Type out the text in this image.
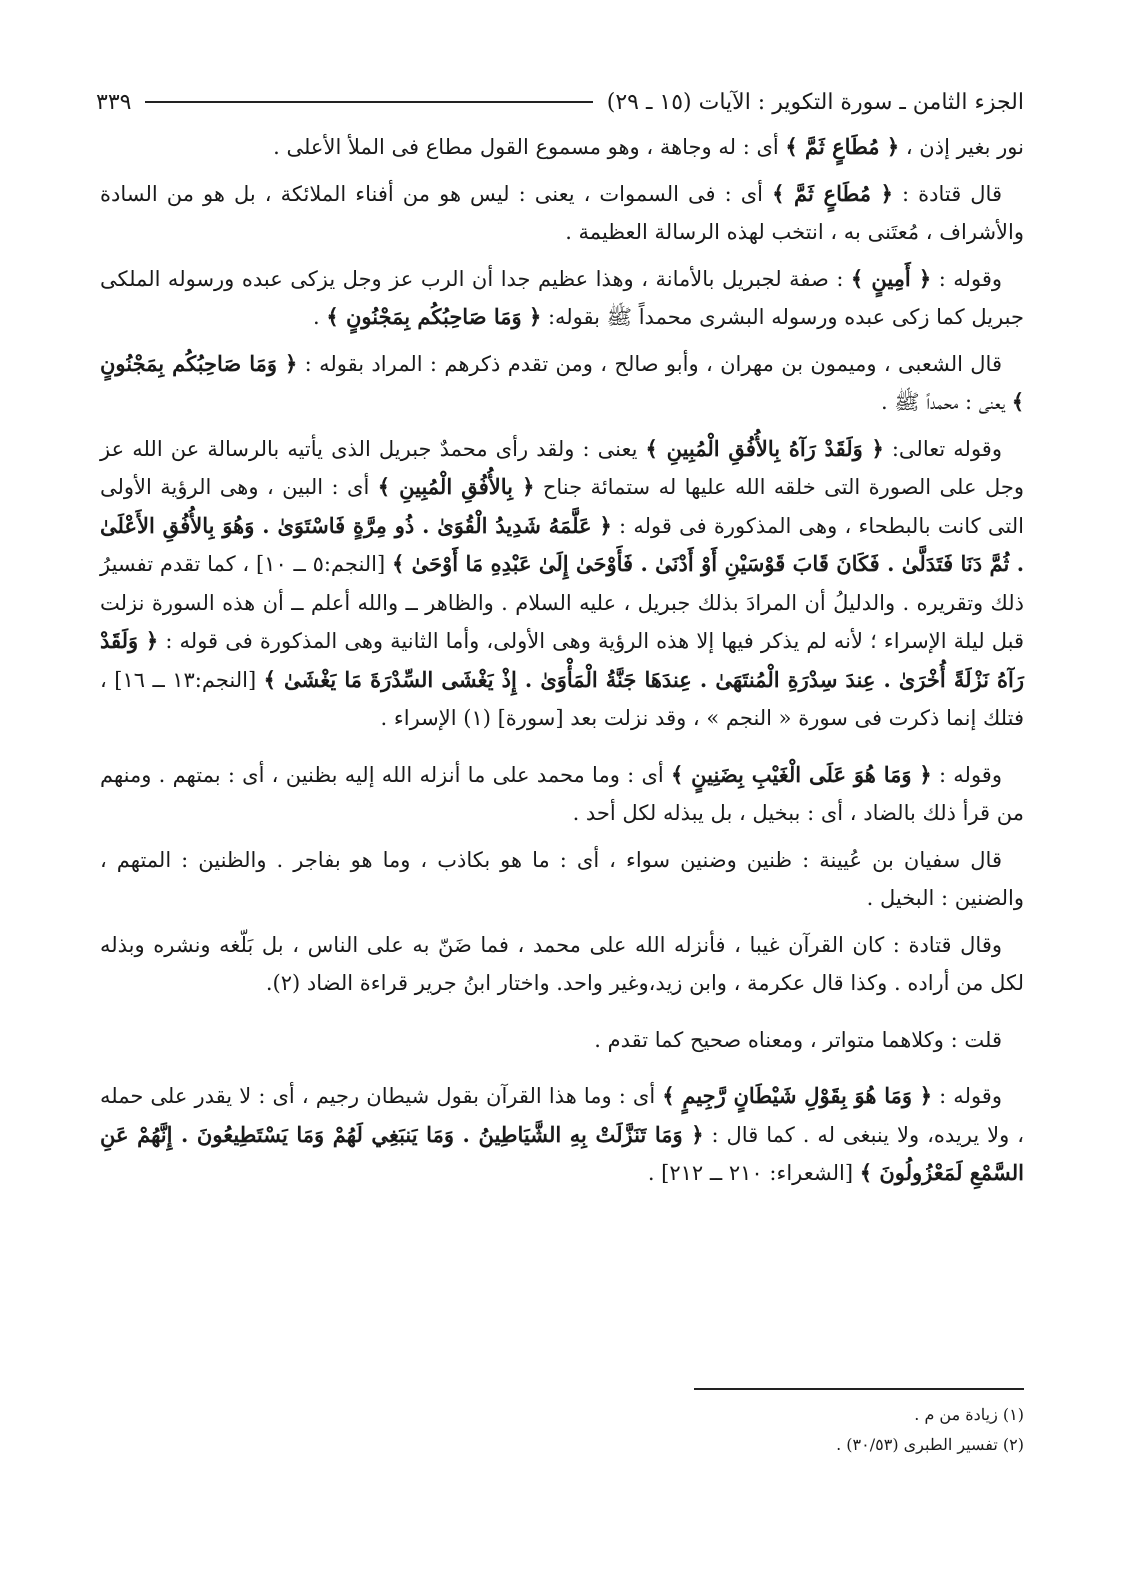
الجزء الثامن ـ سورة التكوير : الآيات (١٥ ـ ٢٩)
٣٣٩

نور بغير إذن ، ﴿ مُطَاعٍ ثَمَّ ﴾ أى : له وجاهة ، وهو مسموع القول مطاع فى الملأ الأعلى .

قال قتادة : ﴿ مُطَاعٍ ثَمَّ ﴾ أى : فى السموات ، يعنى : ليس هو من أفناء الملائكة ، بل هو من السادة والأشراف ، مُعتَنى به ، انتخب لهذه الرسالة العظيمة .

وقوله : ﴿ أَمِينٍ ﴾ : صفة لجبريل بالأمانة ، وهذا عظيم جدا أن الرب عز وجل يزكى عبده ورسوله الملكى جبريل كما زكى عبده ورسوله البشرى محمداً ﷺ بقوله: ﴿ وَمَا صَاحِبُكُم بِمَجْنُونٍ ﴾ .

قال الشعبى ، وميمون بن مهران ، وأبو صالح ، ومن تقدم ذكرهم : المراد بقوله : ﴿ وَمَا صَاحِبُكُم بِمَجْنُونٍ ﴾ يعنى : محمداً ﷺ .

وقوله تعالى: ﴿ وَلَقَدْ رَآهُ بِالأُفُقِ الْمُبِينِ ﴾ يعنى : ولقد رأى محمدٌ جبريل الذى يأتيه بالرسالة عن الله عز وجل على الصورة التى خلقه الله عليها له ستمائة جناح ﴿ بِالأُفُقِ الْمُبِينِ ﴾ أى : البين ، وهى الرؤية الأولى التى كانت بالبطحاء ، وهى المذكورة فى قوله : ﴿ عَلَّمَهُ شَدِيدُ الْقُوَىٰ . ذُو مِرَّةٍ فَاسْتَوَىٰ . وَهُوَ بِالأُفُقِ الأَعْلَىٰ . ثُمَّ دَنَا فَتَدَلَّىٰ . فَكَانَ قَابَ قَوْسَيْنِ أَوْ أَدْنَىٰ . فَأَوْحَىٰ إِلَىٰ عَبْدِهِ مَا أَوْحَىٰ ﴾ [النجم:٥ ــ ١٠] ، كما تقدم تفسيرُ ذلك وتقريره . والدليلُ أن المرادَ بذلك جبريل ، عليه السلام . والظاهر ــ والله أعلم ــ أن هذه السورة نزلت قبل ليلة الإسراء ؛ لأنه لم يذكر فيها إلا هذه الرؤية وهى الأولى، وأما الثانية وهى المذكورة فى قوله : ﴿ وَلَقَدْ رَآهُ نَزْلَةً أُخْرَىٰ . عِندَ سِدْرَةِ الْمُنتَهَىٰ . عِندَهَا جَنَّةُ الْمَأْوَىٰ . إِذْ يَغْشَى السِّدْرَةَ مَا يَغْشَىٰ ﴾ [النجم:١٣ ــ ١٦] ، فتلك إنما ذكرت فى سورة « النجم » ، وقد نزلت بعد [سورة] (١) الإسراء .

وقوله : ﴿ وَمَا هُوَ عَلَى الْغَيْبِ بِضَنِينٍ ﴾ أى : وما محمد على ما أنزله الله إليه بظنين ، أى : بمتهم . ومنهم من قرأ ذلك بالضاد ، أى : ببخيل ، بل يبذله لكل أحد .

قال سفيان بن عُيينة : ظنين وضنين سواء ، أى : ما هو بكاذب ، وما هو بفاجر . والظنين : المتهم ، والضنين : البخيل .

وقال قتادة : كان القرآن غيبا ، فأنزله الله على محمد ، فما ضَنّ به على الناس ، بل بَلّغه ونشره وبذله لكل من أراده . وكذا قال عكرمة ، وابن زيد،وغير واحد. واختار ابنُ جرير قراءة الضاد (٢).

قلت : وكلاهما متواتر ، ومعناه صحيح كما تقدم .

وقوله : ﴿ وَمَا هُوَ بِقَوْلِ شَيْطَانٍ رَّجِيمٍ ﴾ أى : وما هذا القرآن بقول شيطان رجيم ، أى : لا يقدر على حمله ، ولا يريده، ولا ينبغى له . كما قال : ﴿ وَمَا تَنَزَّلَتْ بِهِ الشَّيَاطِينُ . وَمَا يَنبَغِي لَهُمْ وَمَا يَسْتَطِيعُونَ . إِنَّهُمْ عَنِ السَّمْعِ لَمَعْزُولُونَ ﴾ [الشعراء: ٢١٠ ــ ٢١٢] .

(١) زيادة من م .

(٢) تفسير الطبرى (٣٠/٥٣) .
